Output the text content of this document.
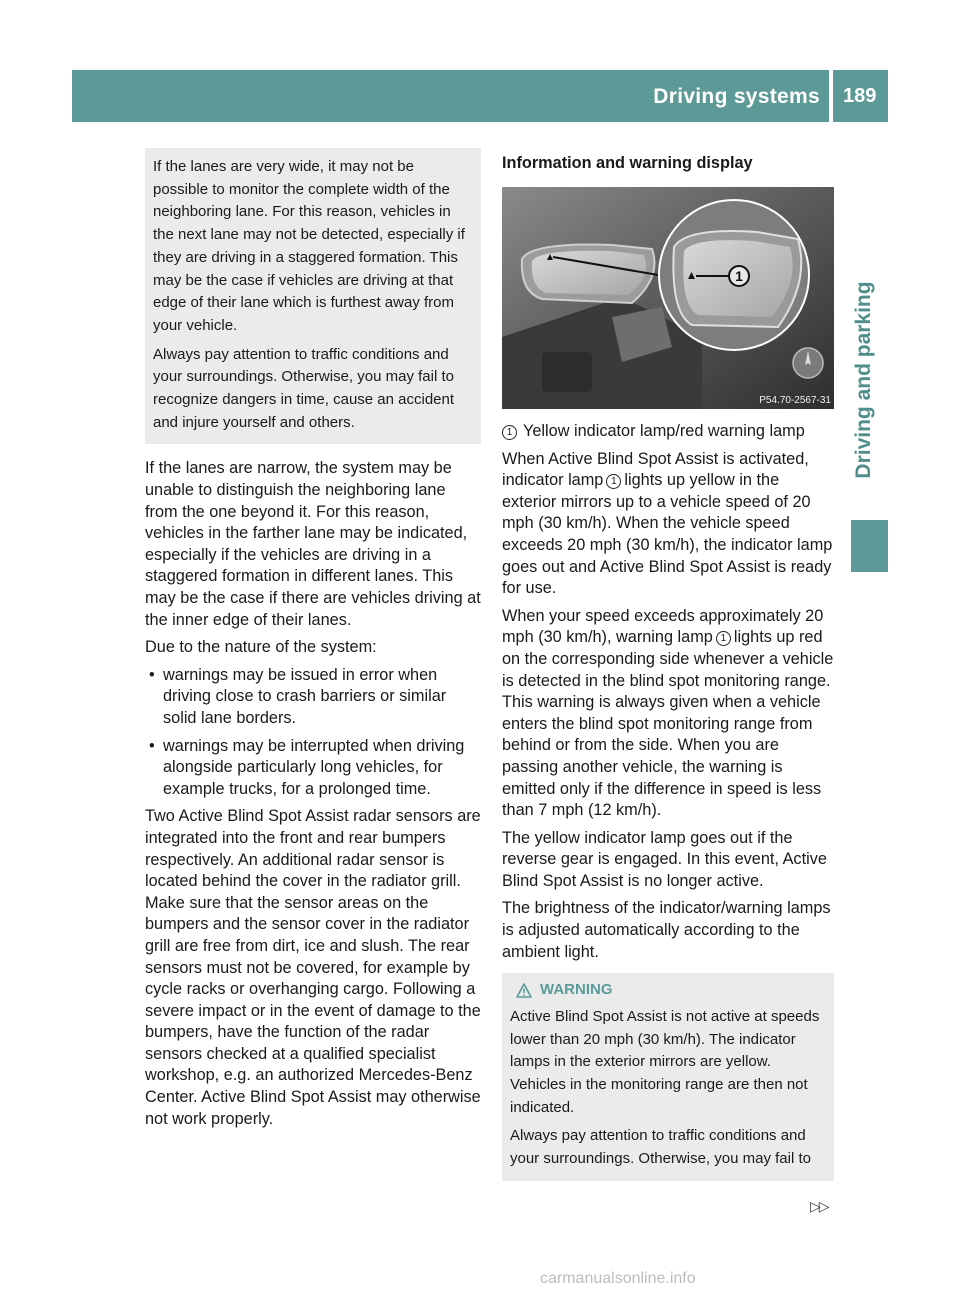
Driving systems 189
Driving and parking

If the lanes are very wide, it may not be possible to monitor the complete width of the neighboring lane. For this reason, vehicles in the next lane may not be detected, especially if they are driving in a staggered formation. This may be the case if vehicles are driving at that edge of their lane which is furthest away from your vehicle.

Always pay attention to traffic conditions and your surroundings. Otherwise, you may fail to recognize dangers in time, cause an accident and injure yourself and others.

If the lanes are narrow, the system may be unable to distinguish the neighboring lane from the one beyond it. For this reason, vehicles in the farther lane may be indicated, especially if the vehicles are driving in a staggered formation in different lanes. This may be the case if there are vehicles driving at the inner edge of their lanes.

Due to the nature of the system:

• warnings may be issued in error when driving close to crash barriers or similar solid lane borders.
• warnings may be interrupted when driving alongside particularly long vehicles, for example trucks, for a prolonged time.

Two Active Blind Spot Assist radar sensors are integrated into the front and rear bumpers respectively. An additional radar sensor is located behind the cover in the radiator grill. Make sure that the sensor areas on the bumpers and the sensor cover in the radiator grill are free from dirt, ice and slush. The rear sensors must not be covered, for example by cycle racks or overhanging cargo. Following a severe impact or in the event of damage to the bumpers, have the function of the radar sensors checked at a qualified specialist workshop, e.g. an authorized Mercedes-Benz Center. Active Blind Spot Assist may otherwise not work properly.

Information and warning display
1
P54.70-2567-31
1 Yellow indicator lamp/red warning lamp

When Active Blind Spot Assist is activated, indicator lamp 1 lights up yellow in the exterior mirrors up to a vehicle speed of 20 mph (30 km/h). When the vehicle speed exceeds 20 mph (30 km/h), the indicator lamp goes out and Active Blind Spot Assist is ready for use.

When your speed exceeds approximately 20 mph (30 km/h), warning lamp 1 lights up red on the corresponding side whenever a vehicle is detected in the blind spot monitoring range. This warning is always given when a vehicle enters the blind spot monitoring range from behind or from the side. When you are passing another vehicle, the warning is emitted only if the difference in speed is less than 7 mph (12 km/h).

The yellow indicator lamp goes out if the reverse gear is engaged. In this event, Active Blind Spot Assist is no longer active.

The brightness of the indicator/warning lamps is adjusted automatically according to the ambient light.

WARNING

Active Blind Spot Assist is not active at speeds lower than 20 mph (30 km/h). The indicator lamps in the exterior mirrors are yellow. Vehicles in the monitoring range are then not indicated.

Always pay attention to traffic conditions and your surroundings. Otherwise, you may fail to

▷▷
carmanualsonline.info
